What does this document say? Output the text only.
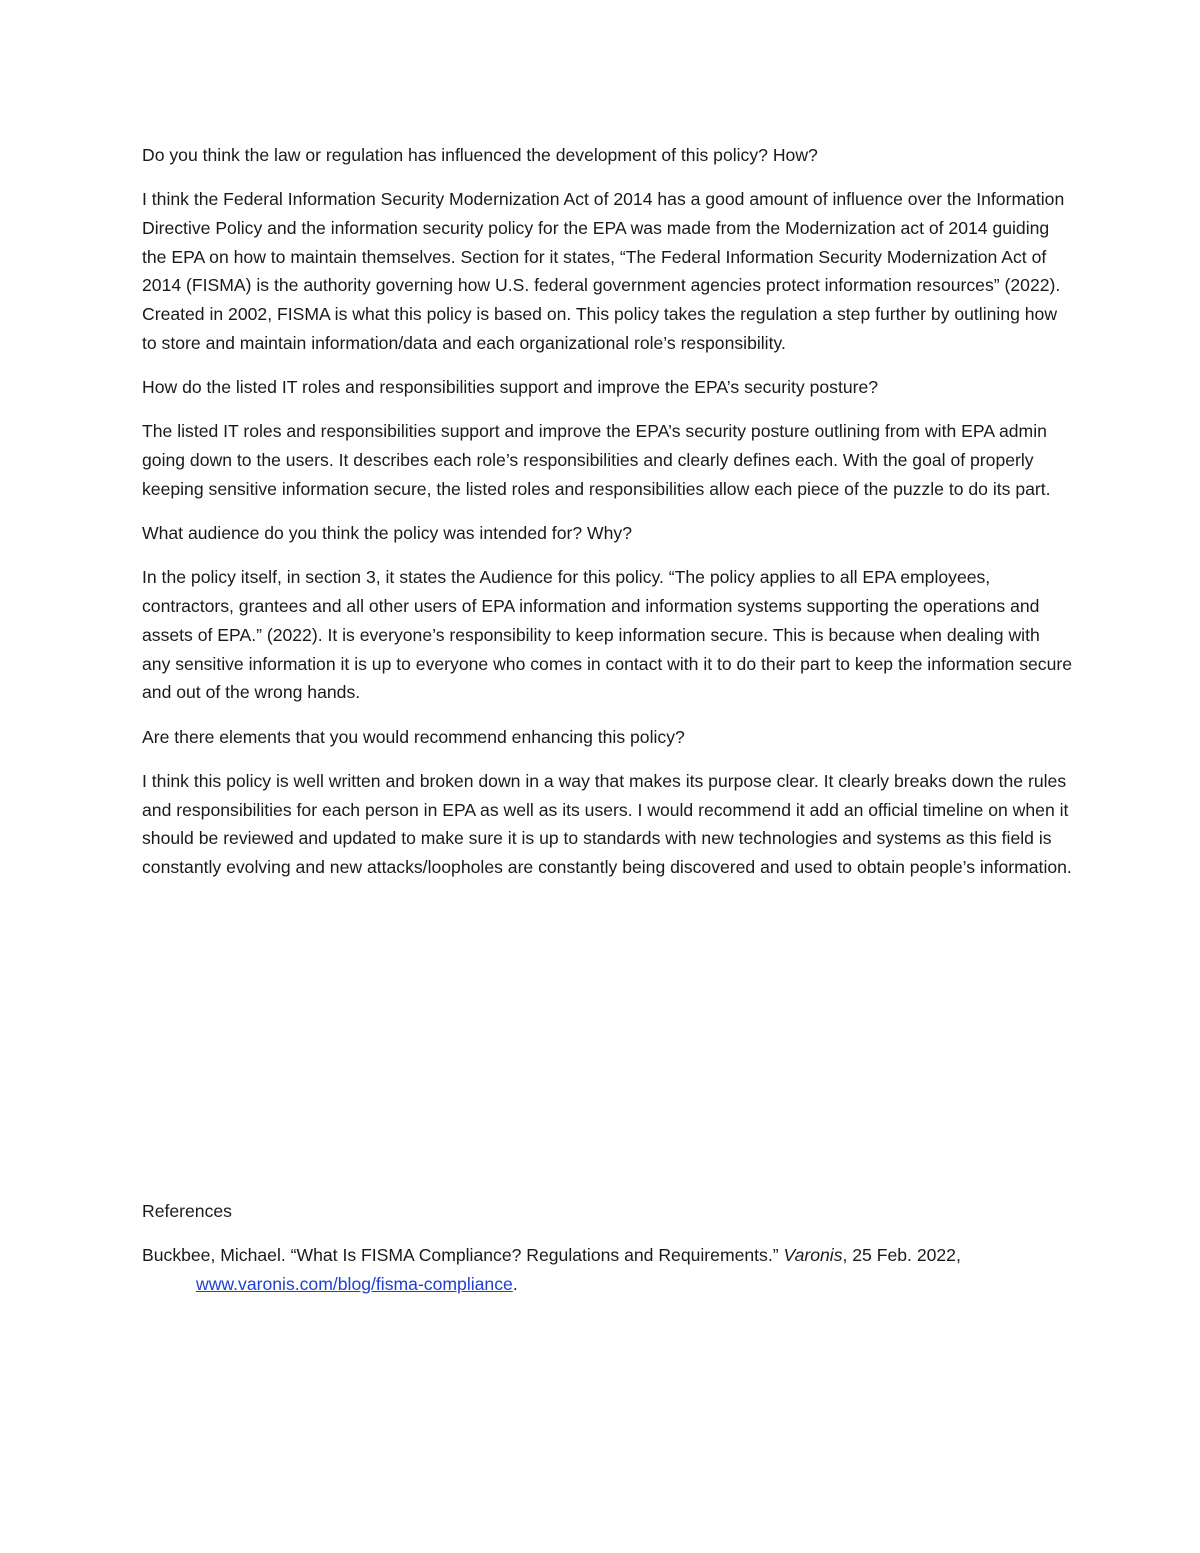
Do you think the law or regulation has influenced the development of this policy? How?

I think the Federal Information Security Modernization Act of 2014 has a good amount of influence over the Information Directive Policy and the information security policy for the EPA was made from the Modernization act of 2014 guiding the EPA on how to maintain themselves. Section for it states, “The Federal Information Security Modernization Act of 2014 (FISMA) is the authority governing how U.S. federal government agencies protect information resources” (2022). Created in 2002, FISMA is what this policy is based on. This policy takes the regulation a step further by outlining how to store and maintain information/data and each organizational role’s responsibility.

How do the listed IT roles and responsibilities support and improve the EPA’s security posture?

The listed IT roles and responsibilities support and improve the EPA’s security posture outlining from with EPA admin going down to the users. It describes each role’s responsibilities and clearly defines each. With the goal of properly keeping sensitive information secure, the listed roles and responsibilities allow each piece of the puzzle to do its part.

What audience do you think the policy was intended for? Why?

In the policy itself, in section 3, it states the Audience for this policy. “The policy applies to all EPA employees, contractors, grantees and all other users of EPA information and information systems supporting the operations and assets of EPA.” (2022). It is everyone’s responsibility to keep information secure. This is because when dealing with any sensitive information it is up to everyone who comes in contact with it to do their part to keep the information secure and out of the wrong hands.

Are there elements that you would recommend enhancing this policy?

I think this policy is well written and broken down in a way that makes its purpose clear. It clearly breaks down the rules and responsibilities for each person in EPA as well as its users. I would recommend it add an official timeline on when it should be reviewed and updated to make sure it is up to standards with new technologies and systems as this field is constantly evolving and new attacks/loopholes are constantly being discovered and used to obtain people’s information.

References

Buckbee, Michael. “What Is FISMA Compliance? Regulations and Requirements.” Varonis, 25 Feb. 2022, www.varonis.com/blog/fisma-compliance.
